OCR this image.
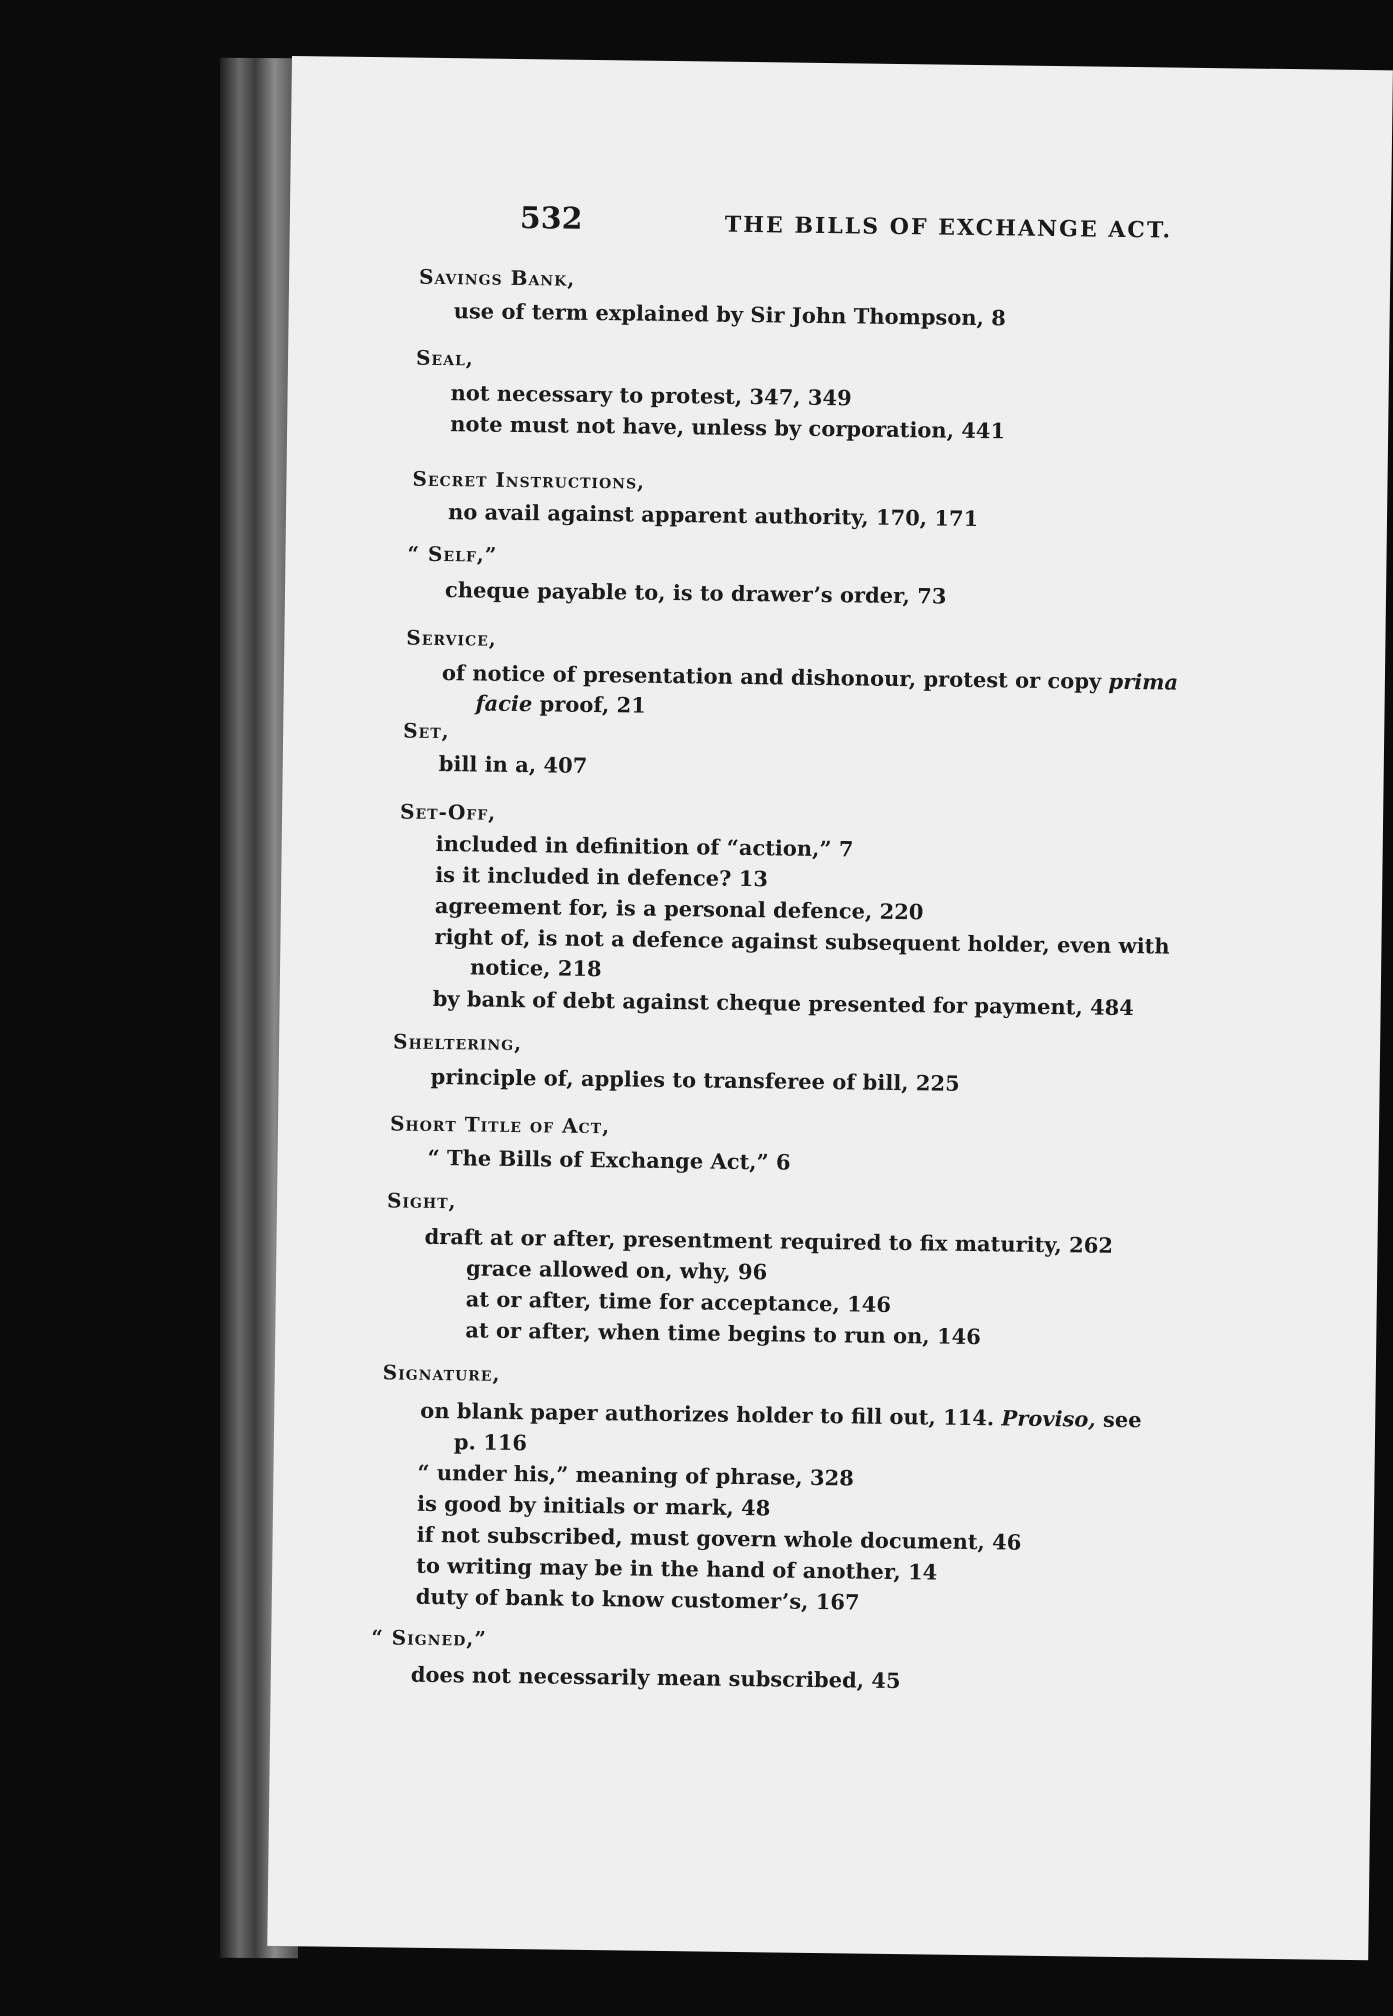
532	THE BILLS OF EXCHANGE ACT.
Savings Bank,
use of term explained by Sir John Thompson, 8
Seal,
not necessary to protest, 347, 349
note must not have, unless by corporation, 441
Secret Instructions,
no avail against apparent authority, 170, 171
“ Self,”
cheque payable to, is to drawer’s order, 73
Service,
of notice of presentation and dishonour, protest or copy prima
facie proof, 21
Set,
bill in a, 407
Set-Off,
included in definition of “action,” 7
is it included in defence? 13
agreement for, is a personal defence, 220
right of, is not a defence against subsequent holder, even with
notice, 218
by bank of debt against cheque presented for payment, 484
Sheltering,
principle of, applies to transferee of bill, 225
Short Title of Act,
“ The Bills of Exchange Act,” 6
Sight,
draft at or after, presentment required to fix maturity, 262
grace allowed on, why, 96
at or after, time for acceptance, 146
at or after, when time begins to run on, 146
Signature,
on blank paper authorizes holder to fill out, 114. Proviso, see
p. 116
“ under his,” meaning of phrase, 328
is good by initials or mark, 48
if not subscribed, must govern whole document, 46
to writing may be in the hand of another, 14
duty of bank to know customer’s, 167
“ Signed,”
does not necessarily mean subscribed, 45
